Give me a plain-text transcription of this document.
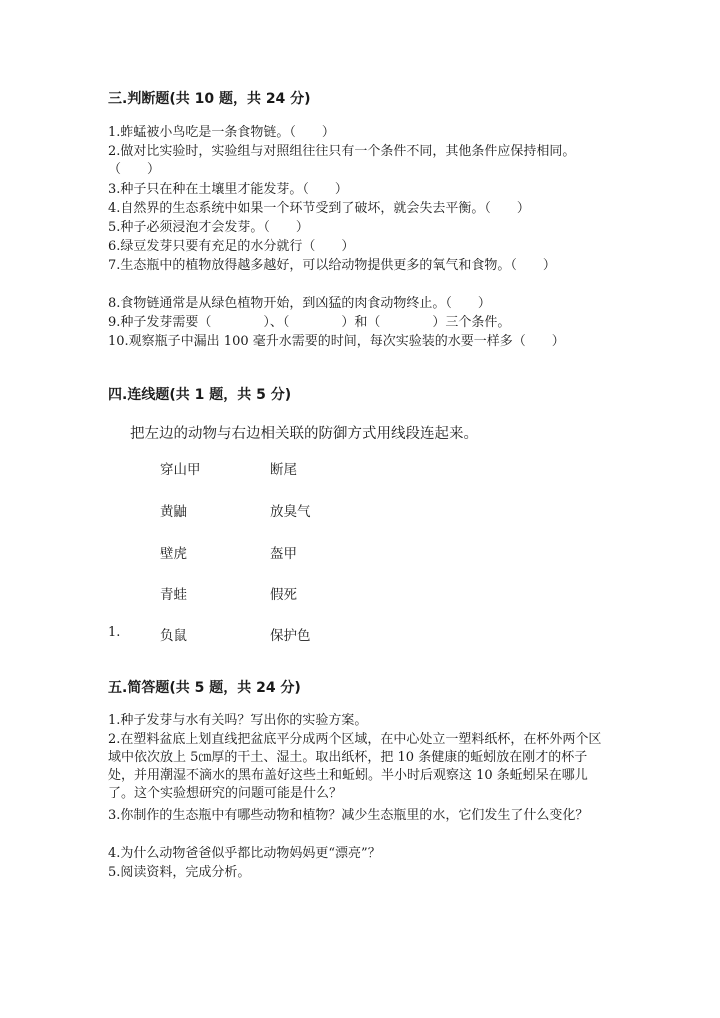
三.判断题(共 10 题，共 24 分)
1.蚱蜢被小鸟吃是一条食物链。（　　）
2.做对比实验时，实验组与对照组往往只有一个条件不同，其他条件应保持相同。（　　）
3.种子只在种在土壤里才能发芽。（　　）
4.自然界的生态系统中如果一个环节受到了破坏，就会失去平衡。（　　）
5.种子必须浸泡才会发芽。（　　）
6.绿豆发芽只要有充足的水分就行（　　）
7.生态瓶中的植物放得越多越好，可以给动物提供更多的氧气和食物。（　　）
8.食物链通常是从绿色植物开始，到凶猛的肉食动物终止。（　　）
9.种子发芽需要（　　　　）、（　　　　）和（　　　　）三个条件。
10.观察瓶子中漏出 100 毫升水需要的时间，每次实验装的水要一样多（　　）
四.连线题(共 1 题，共 5 分)
把左边的动物与右边相关联的防御方式用线段连起来。
穿山甲
黄鼬
壁虎
青蛙
负鼠
断尾
放臭气
盔甲
假死
保护色
1.
五.简答题(共 5 题，共 24 分)
1.种子发芽与水有关吗？写出你的实验方案。
2.在塑料盆底上划直线把盆底平分成两个区域，在中心处立一塑料纸杯，在杯外两个区域中依次放上 5㎝厚的干土、湿土。取出纸杯，把 10 条健康的蚯蚓放在刚才的杯子处，并用潮湿不滴水的黑布盖好这些土和蚯蚓。半小时后观察这 10 条蚯蚓呆在哪儿了。这个实验想研究的问题可能是什么？
3.你制作的生态瓶中有哪些动物和植物？减少生态瓶里的水，它们发生了什么变化？
4.为什么动物爸爸似乎都比动物妈妈更“漂亮”？
5.阅读资料，完成分析。
